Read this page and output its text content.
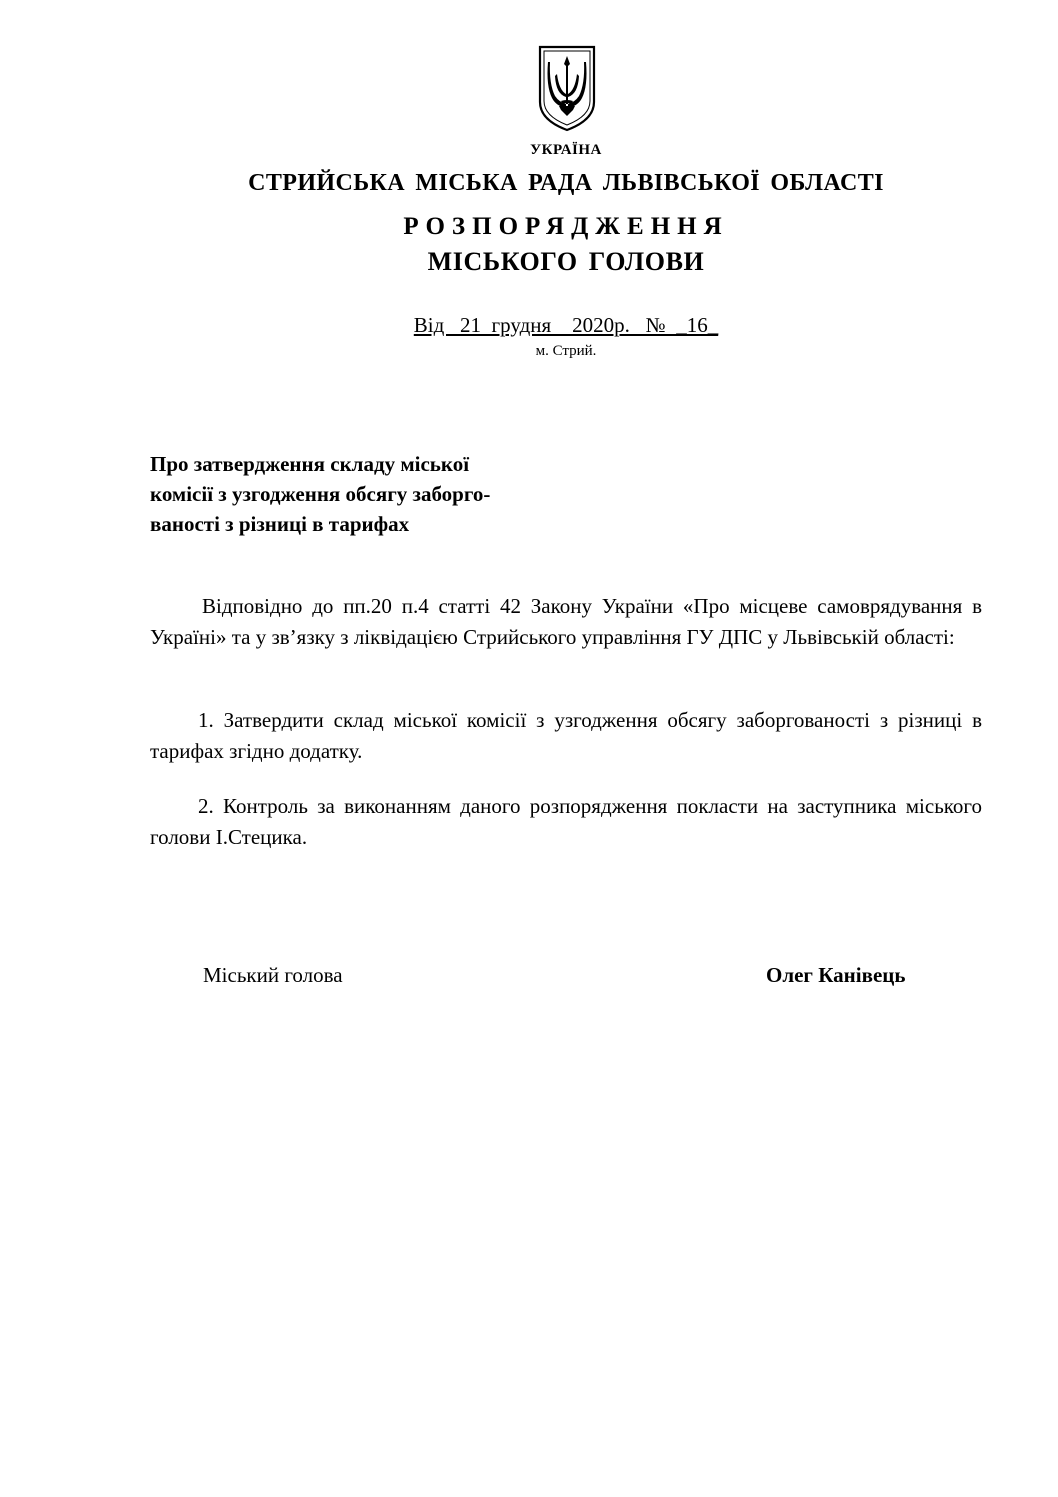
УКРАЇНА
СТРИЙСЬКА МІСЬКА РАДА ЛЬВІВСЬКОЇ ОБЛАСТІ
РОЗПОРЯДЖЕННЯ
МІСЬКОГО ГОЛОВИ
Від   21  грудня    2020р.   №  _16_
м. Стрий.
Про затвердження складу міської
комісії з узгодження обсягу заборго-
ваності з різниці в тарифах
Відповідно до пп.20 п.4 статті 42 Закону України «Про місцеве самоврядування в Україні» та у зв’язку з ліквідацією Стрийського управління ГУ ДПС у Львівській області:
1. Затвердити склад міської комісії з узгодження обсягу заборгованості з різниці в тарифах згідно додатку.
2. Контроль за виконанням даного розпорядження покласти на заступника міського голови І.Стецика.
Міський голова	Олег Канівець
